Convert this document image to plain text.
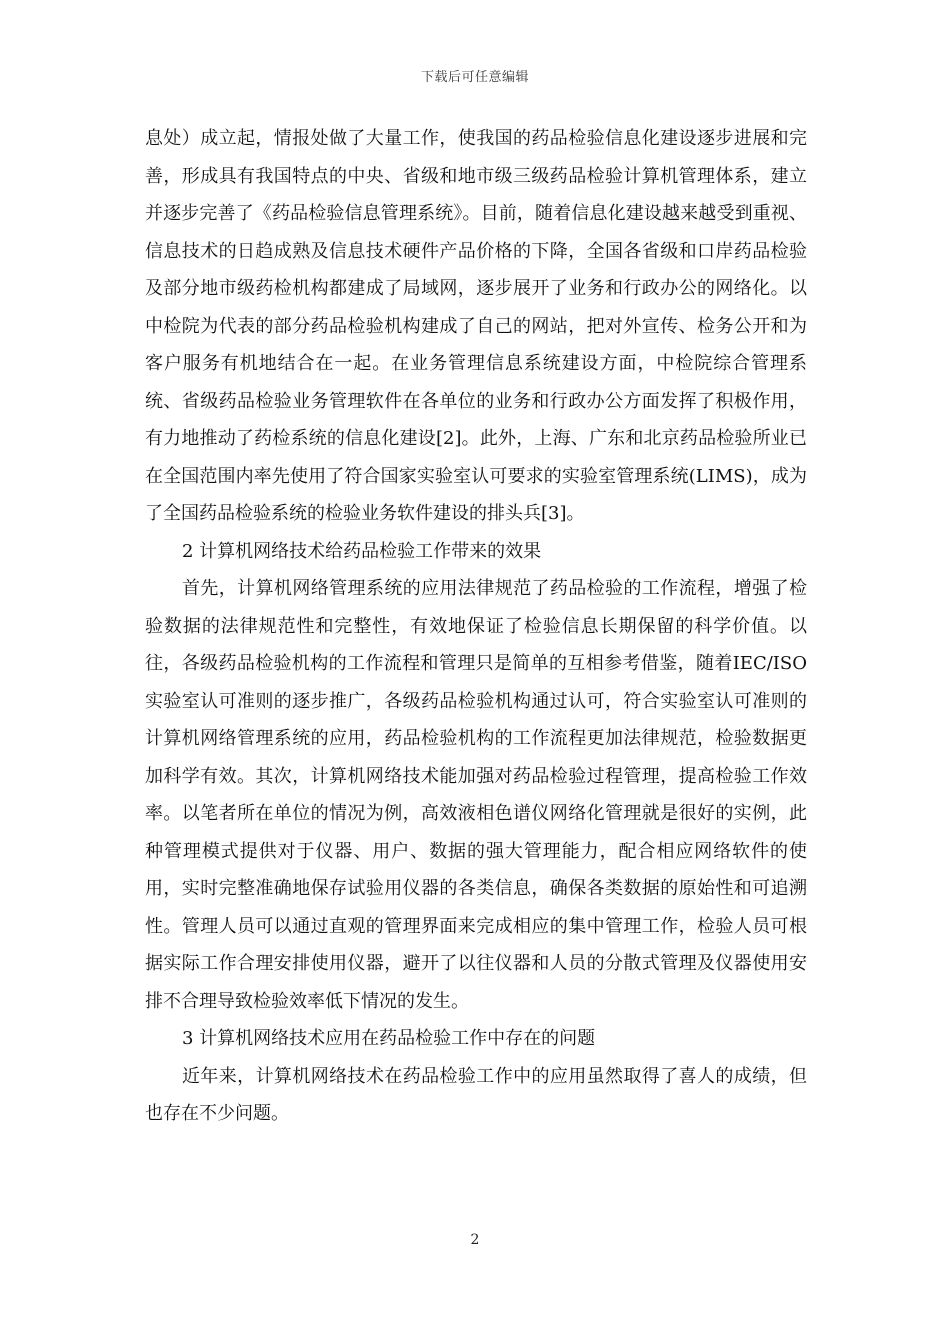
下载后可任意编辑

息处）成立起，情报处做了大量工作，使我国的药品检验信息化建设逐步进展和完善，形成具有我国特点的中央、省级和地市级三级药品检验计算机管理体系，建立并逐步完善了《药品检验信息管理系统》。目前，随着信息化建设越来越受到重视、信息技术的日趋成熟及信息技术硬件产品价格的下降，全国各省级和口岸药品检验及部分地市级药检机构都建成了局域网，逐步展开了业务和行政办公的网络化。以中检院为代表的部分药品检验机构建成了自己的网站，把对外宣传、检务公开和为客户服务有机地结合在一起。在业务管理信息系统建设方面，中检院综合管理系统、省级药品检验业务管理软件在各单位的业务和行政办公方面发挥了积极作用，有力地推动了药检系统的信息化建设[2]。此外，上海、广东和北京药品检验所业已在全国范围内率先使用了符合国家实验室认可要求的实验室管理系统(LIMS)，成为了全国药品检验系统的检验业务软件建设的排头兵[3]。

2 计算机网络技术给药品检验工作带来的效果

首先，计算机网络管理系统的应用法律规范了药品检验的工作流程，增强了检验数据的法律规范性和完整性，有效地保证了检验信息长期保留的科学价值。以往，各级药品检验机构的工作流程和管理只是简单的互相参考借鉴，随着IEC/ISO实验室认可准则的逐步推广，各级药品检验机构通过认可，符合实验室认可准则的计算机网络管理系统的应用，药品检验机构的工作流程更加法律规范，检验数据更加科学有效。其次，计算机网络技术能加强对药品检验过程管理，提高检验工作效率。以笔者所在单位的情况为例，高效液相色谱仪网络化管理就是很好的实例，此种管理模式提供对于仪器、用户、数据的强大管理能力，配合相应网络软件的使用，实时完整准确地保存试验用仪器的各类信息，确保各类数据的原始性和可追溯性。管理人员可以通过直观的管理界面来完成相应的集中管理工作，检验人员可根据实际工作合理安排使用仪器，避开了以往仪器和人员的分散式管理及仪器使用安排不合理导致检验效率低下情况的发生。

3 计算机网络技术应用在药品检验工作中存在的问题

近年来，计算机网络技术在药品检验工作中的应用虽然取得了喜人的成绩，但也存在不少问题。

2
